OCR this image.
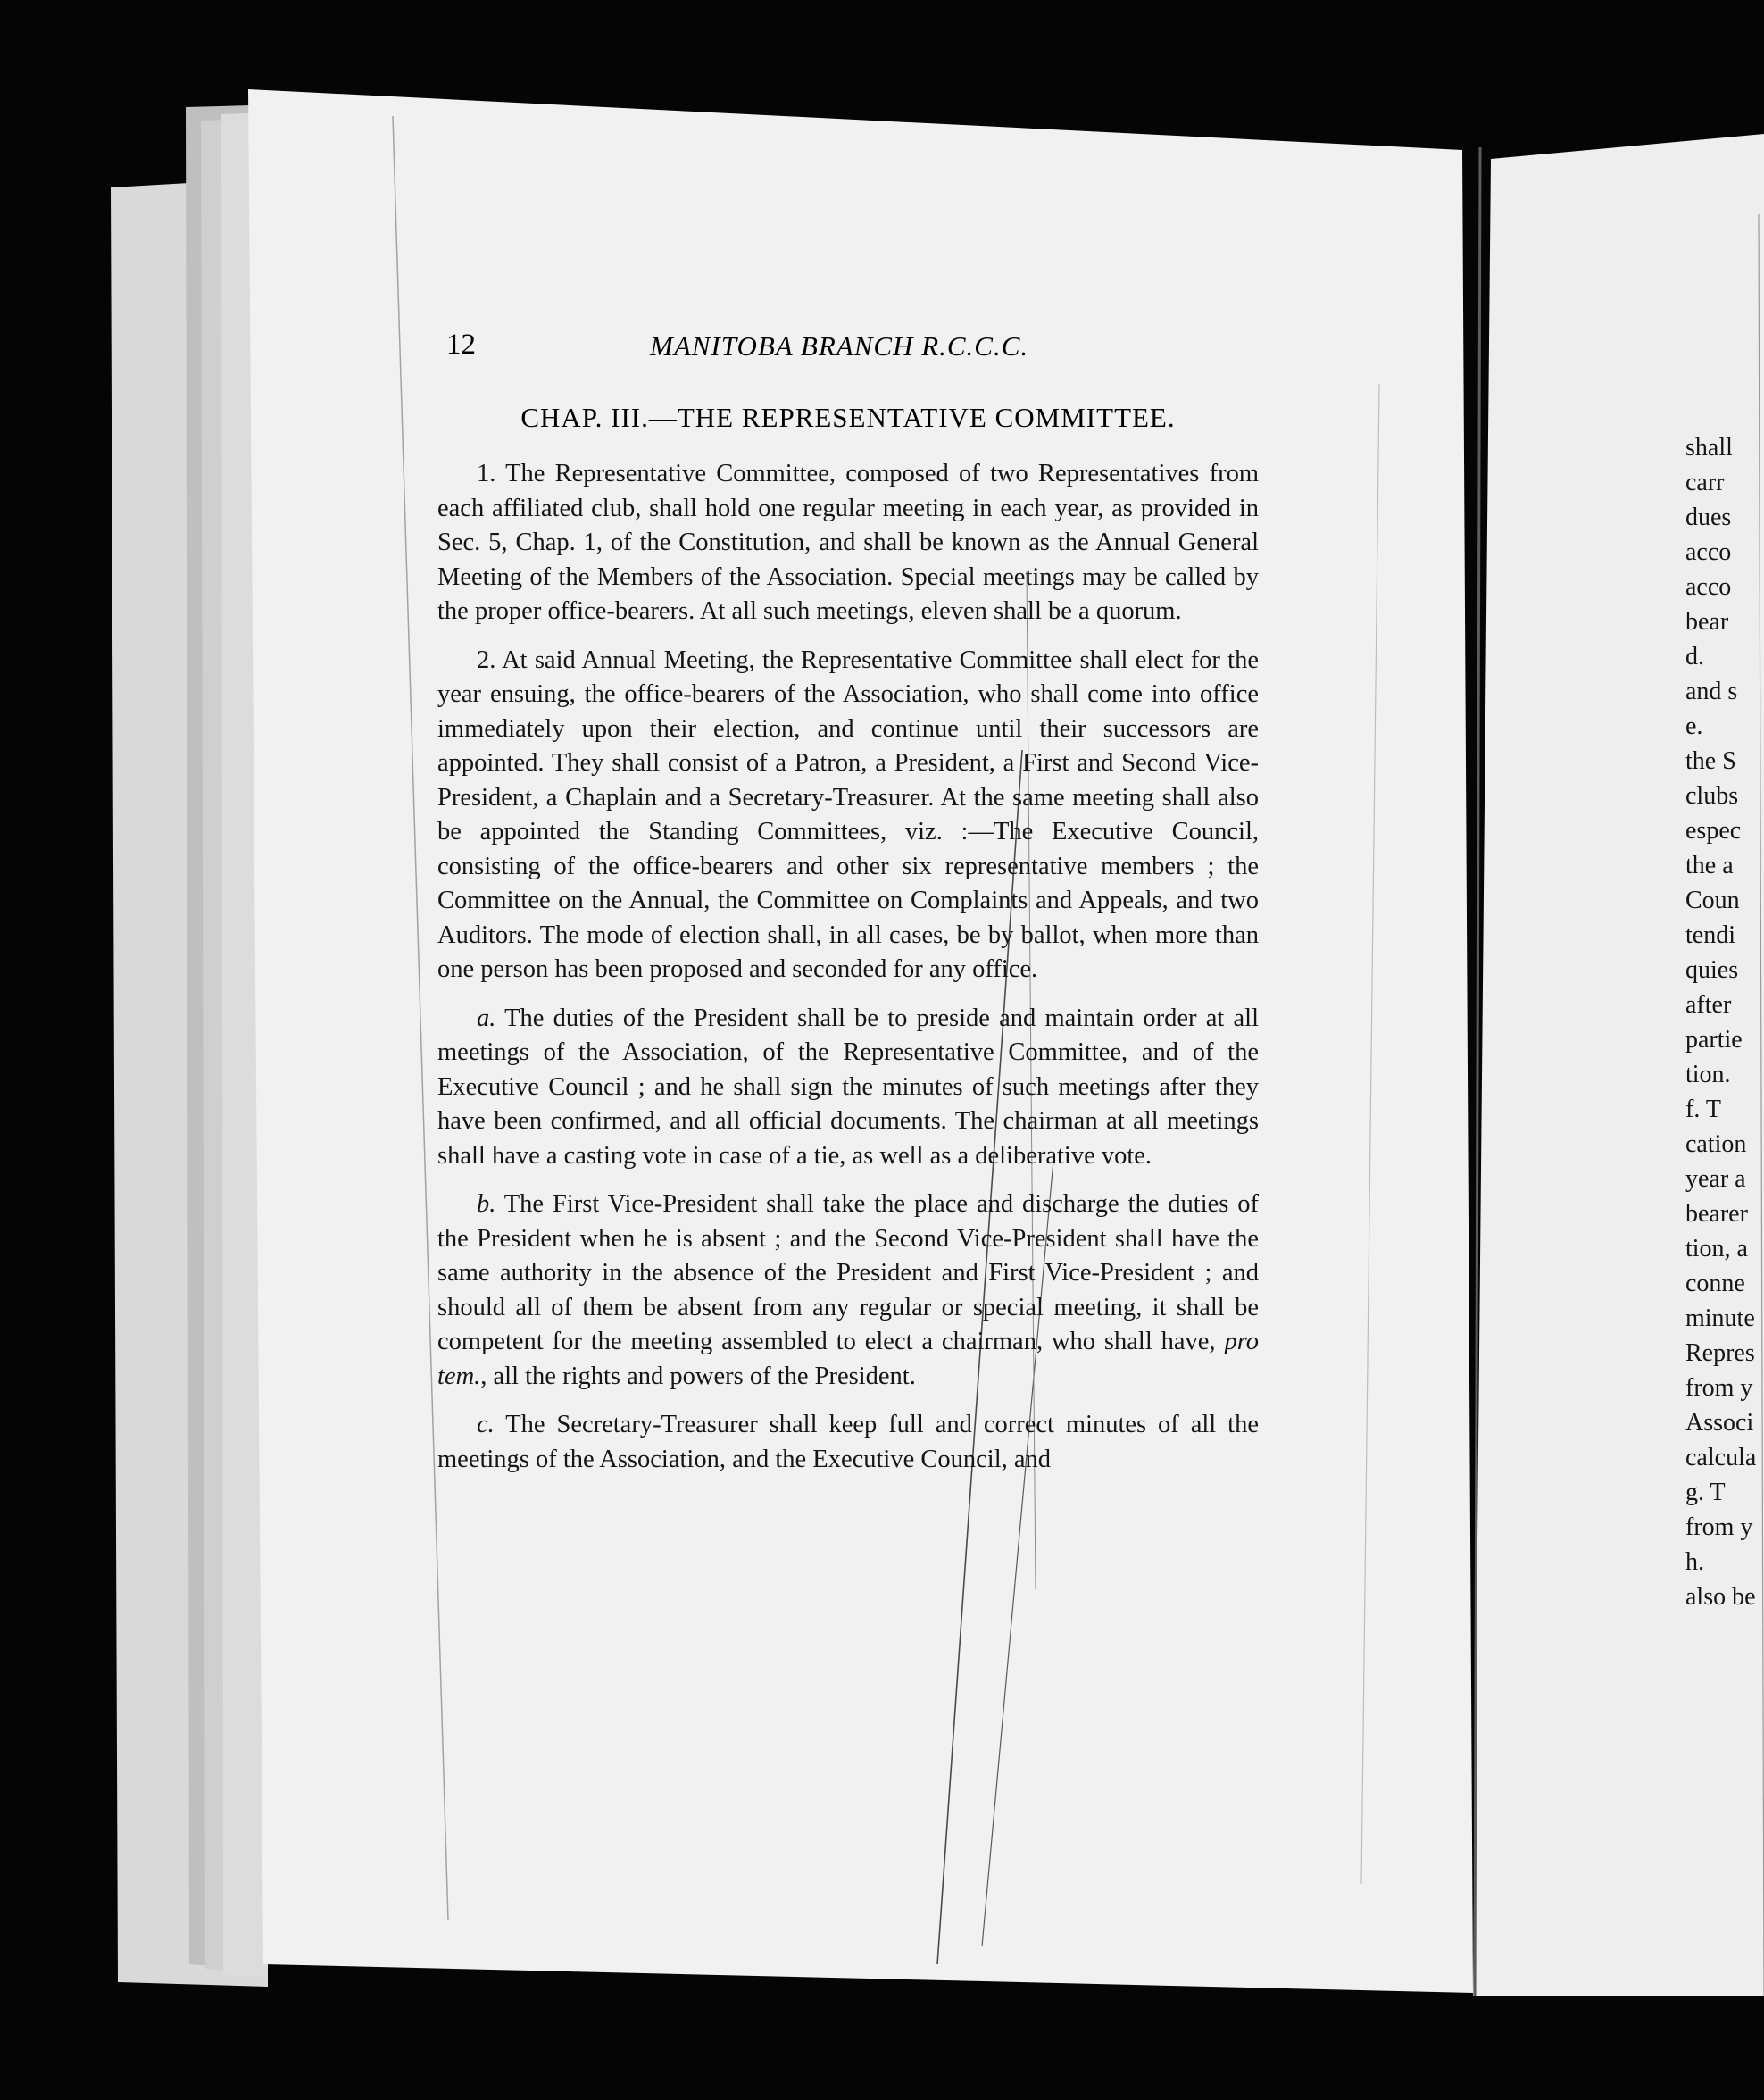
12	MANITOBA BRANCH R.C.C.C.
CHAP. III.—THE REPRESENTATIVE COMMITTEE.

1. The Representative Committee, composed of two Representatives from each affiliated club, shall hold one regular meeting in each year, as provided in Sec. 5, Chap. 1, of the Constitution, and shall be known as the Annual General Meeting of the Members of the Association. Special meetings may be called by the proper office-bearers. At all such meetings, eleven shall be a quorum.

2. At said Annual Meeting, the Representative Committee shall elect for the year ensuing, the office-bearers of the Association, who shall come into office immediately upon their election, and continue until their successors are appointed. They shall consist of a Patron, a President, a First and Second Vice-President, a Chaplain and a Secretary-Treasurer. At the same meeting shall also be appointed the Standing Committees, viz. :—The Executive Council, consisting of the office-bearers and other six representative members ; the Committee on the Annual, the Committee on Complaints and Appeals, and two Auditors. The mode of election shall, in all cases, be by ballot, when more than one person has been proposed and seconded for any office.

a. The duties of the President shall be to preside and maintain order at all meetings of the Association, of the Representative Committee, and of the Executive Council ; and he shall sign the minutes of such meetings after they have been confirmed, and all official documents. The chairman at all meetings shall have a casting vote in case of a tie, as well as a deliberative vote.

b. The First Vice-President shall take the place and discharge the duties of the President when he is absent ; and the Second Vice-President shall have the same authority in the absence of the President and First Vice-President ; and should all of them be absent from any regular or special meeting, it shall be competent for the meeting assembled to elect a chairman, who shall have, pro tem., all the rights and powers of the President.

c. The Secretary-Treasurer shall keep full and correct minutes of all the meetings of the Association, and the Executive Council, and

shall
carr
dues
acco
acco
bear
d.
and s
e.
the S
clubs
espec
the a
Coun
tendi
quies
after
partie
tion.
f. T
cation
year a
bearer
tion, a
conne
minute
Repres
from y
Associ
calcula
g. T
from y
h.
also be
